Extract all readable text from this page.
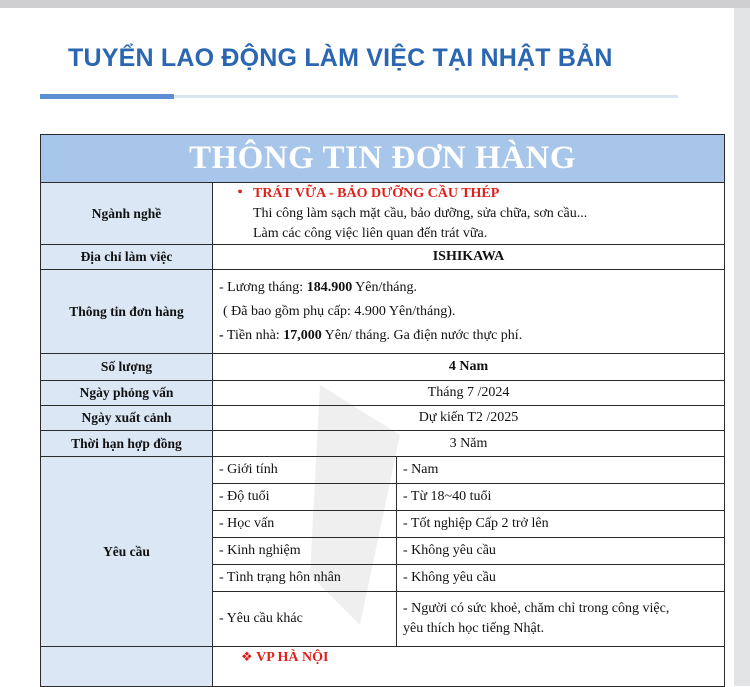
TUYỂN LAO ĐỘNG LÀM VIỆC TẠI NHẬT BẢN
THÔNG TIN ĐƠN HÀNG		
Ngành nghề	• TRÁT VỮA - BẢO DƯỠNG CẦU THÉP
Thi công làm sạch mặt cầu, bảo dưỡng, sửa chữa, sơn cầu...
Làm các công việc liên quan đến trát vữa.	

Địa chỉ làm việc	ISHIKAWA	
Thông tin đơn hàng	- Lương tháng: 184.900 Yên/tháng.
( Đã bao gồm phụ cấp: 4.900 Yên/tháng).
- Tiền nhà: 17,000 Yên/ tháng. Ga điện nước thực phí.	

Số lượng	4 Nam	
Ngày phỏng vấn	Tháng 7 /2024	
Ngày xuất cảnh	Dự kiến T2 /2025	
Thời hạn hợp đồng	3 Năm	
Yêu cầu	- Giới tính	- Nam
	- Độ tuổi	- Từ 18~40 tuổi
	- Học vấn	- Tốt nghiệp Cấp 2 trở lên
	- Kinh nghiệm	- Không yêu cầu
	- Tình trạng hôn nhân	- Không yêu cầu
	- Yêu cầu khác	- Người có sức khoẻ, chăm chỉ trong công việc,
yêu thích học tiếng Nhật.

	❖ VP HÀ NỘI	
